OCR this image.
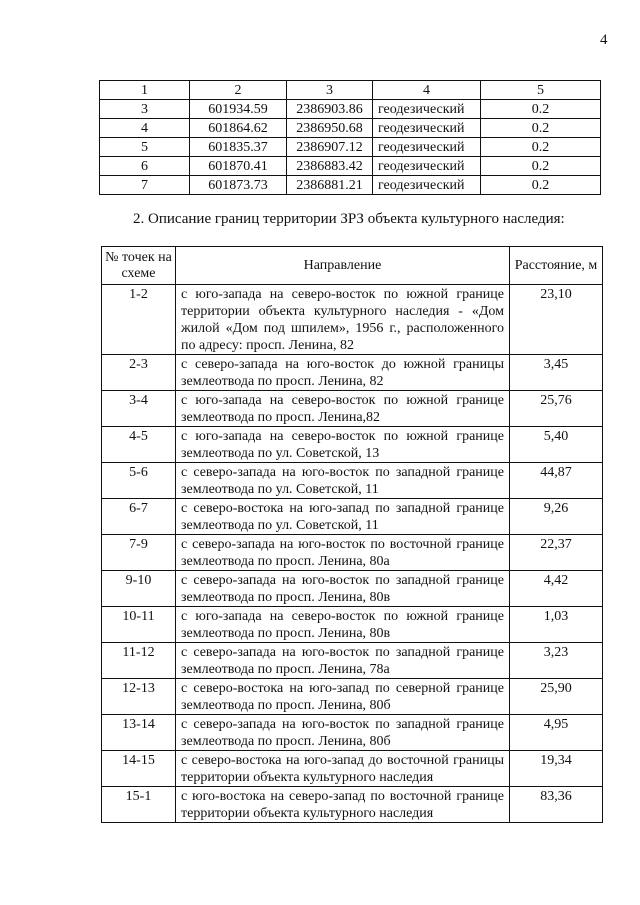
4
1	2	3	4	5
3	601934.59	2386903.86	геодезический	0.2
4	601864.62	2386950.68	геодезический	0.2
5	601835.37	2386907.12	геодезический	0.2
6	601870.41	2386883.42	геодезический	0.2
7	601873.73	2386881.21	геодезический	0.2
2. Описание границ территории ЗРЗ объекта культурного наследия:
№ точек на схеме	Направление	Расстояние, м
1-2	с юго-запада на северо-восток по южной границе территории объекта культурного наследия - «Дом жилой «Дом под шпилем», 1956 г., расположенного по адресу: просп. Ленина, 82	23,10
2-3	с северо-запада на юго-восток до южной границы землеотвода по просп. Ленина, 82	3,45
3-4	с юго-запада на северо-восток по южной границе землеотвода по просп. Ленина,82	25,76
4-5	с юго-запада на северо-восток по южной границе землеотвода по ул. Советской, 13	5,40
5-6	с северо-запада на юго-восток по западной границе землеотвода по ул. Советской, 11	44,87
6-7	с северо-востока на юго-запад по западной границе землеотвода по ул. Советской, 11	9,26
7-9	с северо-запада на юго-восток по восточной границе землеотвода по просп. Ленина, 80а	22,37
9-10	с северо-запада на юго-восток по западной границе землеотвода по просп. Ленина, 80в	4,42
10-11	с юго-запада на северо-восток по южной границе землеотвода по просп. Ленина, 80в	1,03
11-12	с северо-запада на юго-восток по западной границе землеотвода по просп. Ленина, 78а	3,23
12-13	с северо-востока на юго-запад по северной границе землеотвода по просп. Ленина, 80б	25,90
13-14	с северо-запада на юго-восток по западной границе землеотвода по просп. Ленина, 80б	4,95
14-15	с северо-востока на юго-запад до восточной границы территории объекта культурного наследия	19,34
15-1	с юго-востока на северо-запад по восточной границе территории объекта культурного наследия	83,36
